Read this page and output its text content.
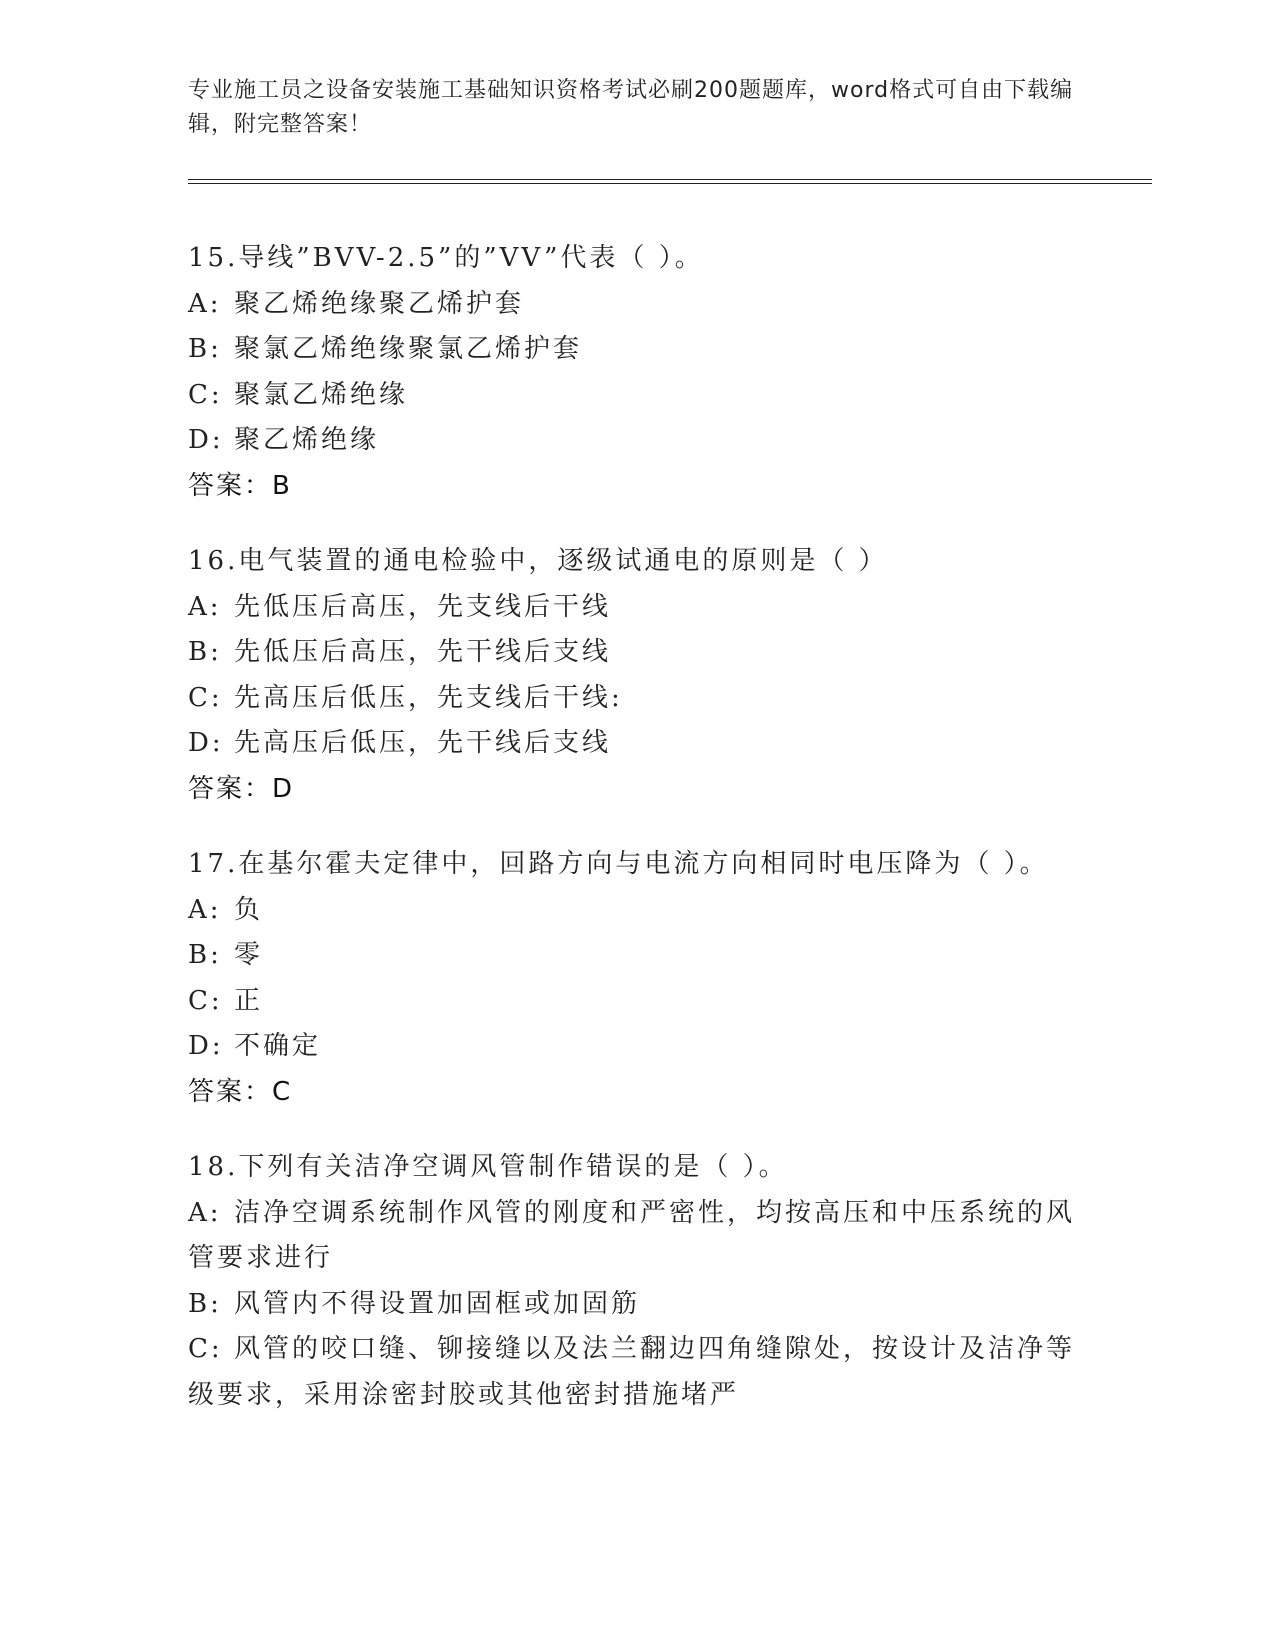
专业施工员之设备安装施工基础知识资格考试必刷200题题库，word格式可自由下载编辑，附完整答案！
15.导线”BVV-2.5”的”VV”代表（ ）。
A: 聚乙烯绝缘聚乙烯护套
B: 聚氯乙烯绝缘聚氯乙烯护套
C: 聚氯乙烯绝缘
D: 聚乙烯绝缘
答案：B
16.电气装置的通电检验中，逐级试通电的原则是（ ）
A: 先低压后高压，先支线后干线
B: 先低压后高压，先干线后支线
C: 先高压后低压，先支线后干线:
D: 先高压后低压，先干线后支线
答案：D
17.在基尔霍夫定律中，回路方向与电流方向相同时电压降为（ ）。
A: 负
B: 零
C: 正
D: 不确定
答案：C
18.下列有关洁净空调风管制作错误的是（ ）。
A: 洁净空调系统制作风管的刚度和严密性，均按高压和中压系统的风管要求进行
B: 风管内不得设置加固框或加固筋
C: 风管的咬口缝、铆接缝以及法兰翻边四角缝隙处，按设计及洁净等级要求，采用涂密封胶或其他密封措施堵严
